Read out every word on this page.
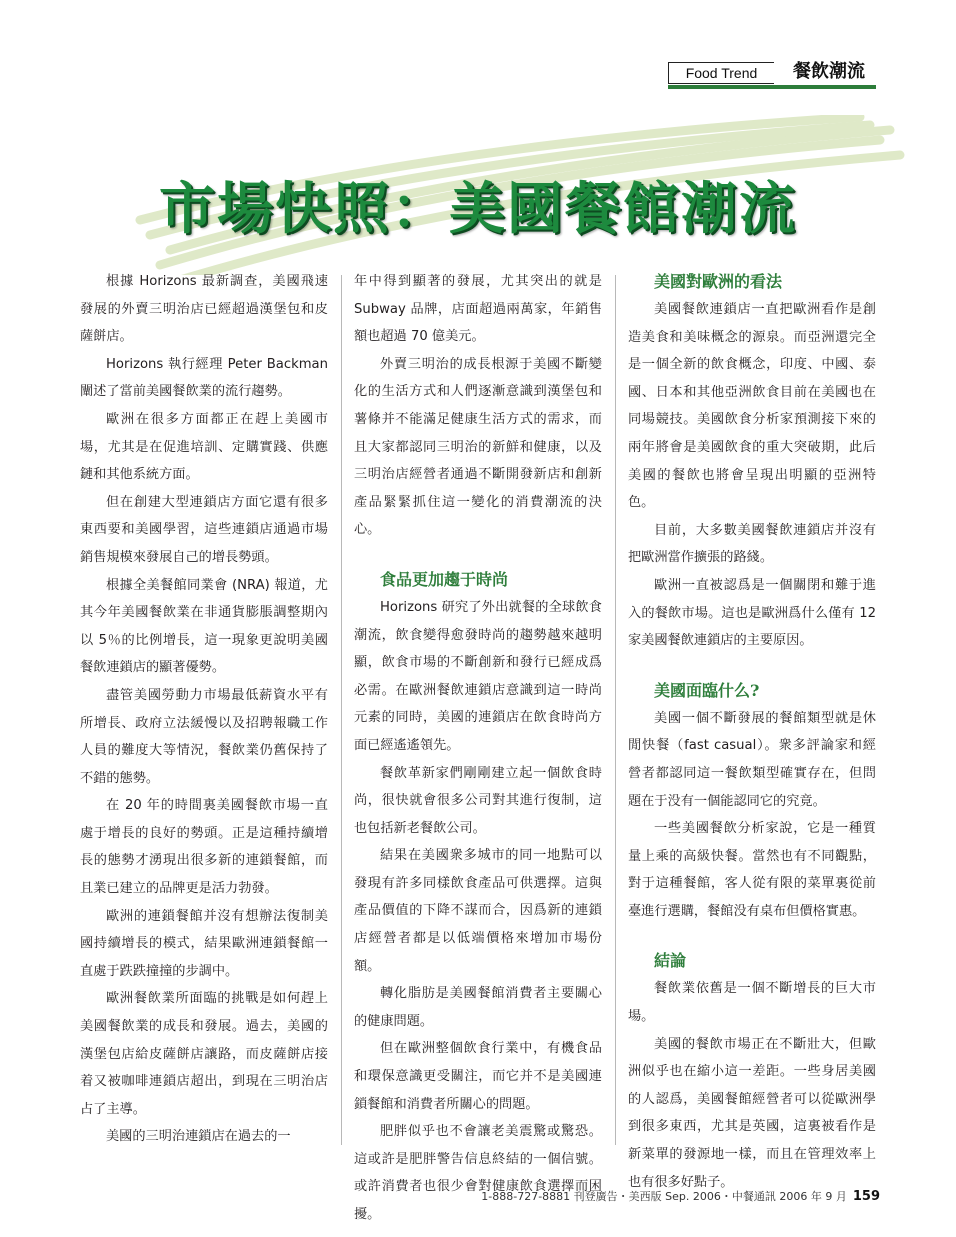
Food Trend	餐飲潮流
市場快照：美國餐館潮流

根據 Horizons 最新調查，美國飛速發展的外賣三明治店已經超過漢堡包和皮薩餅店。

Horizons 執行經理 Peter Backman 闡述了當前美國餐飲業的流行趨勢。

歐洲在很多方面都正在趕上美國市場，尤其是在促進培訓、定購實踐、供應鏈和其他系統方面。

但在創建大型連鎖店方面它還有很多東西要和美國學習，這些連鎖店通過市場銷售規模來發展自己的增長勢頭。

根據全美餐館同業會 (NRA) 報道，尤其今年美國餐飲業在非通貨膨脹調整期內以 5％的比例增長，這一現象更說明美國餐飲連鎖店的顯著優勢。

盡管美國勞動力市場最低薪資水平有所增長、政府立法緩慢以及招聘報職工作人員的難度大等情況，餐飲業仍舊保持了不錯的態勢。

在 20 年的時間裏美國餐飲市場一直處于增長的良好的勢頭。正是這種持續增長的態勢才湧現出很多新的連鎖餐館，而且業已建立的品牌更是活力勃發。

歐洲的連鎖餐館并沒有想辦法復制美國持續增長的模式，結果歐洲連鎖餐館一直處于跌跌撞撞的步調中。

歐洲餐飲業所面臨的挑戰是如何趕上美國餐飲業的成長和發展。過去，美國的漢堡包店給皮薩餅店讓路，而皮薩餅店接着又被咖啡連鎖店超出，到現在三明治店占了主導。

美國的三明治連鎖店在過去的一

年中得到顯著的發展，尤其突出的就是 Subway 品牌，店面超過兩萬家，年銷售額也超過 70 億美元。

外賣三明治的成長根源于美國不斷變化的生活方式和人們逐漸意識到漢堡包和薯條并不能滿足健康生活方式的需求，而且大家都認同三明治的新鮮和健康，以及三明治店經營者通過不斷開發新店和創新產品緊緊抓住這一變化的消費潮流的決心。

食品更加趨于時尚

Horizons 研究了外出就餐的全球飲食潮流，飲食變得愈發時尚的趨勢越來越明顯，飲食市場的不斷創新和發行已經成爲必需。在歐洲餐飲連鎖店意識到這一時尚元素的同時，美國的連鎖店在飲食時尚方面已經遙遙領先。

餐飲革新家們剛剛建立起一個飲食時尚，很快就會很多公司對其進行復制，這也包括新老餐飲公司。

結果在美國衆多城市的同一地點可以發現有許多同樣飲食產品可供選擇。這與產品價值的下降不謀而合，因爲新的連鎖店經營者都是以低端價格來增加市場份額。

轉化脂肪是美國餐館消費者主要關心的健康問題。

但在歐洲整個飲食行業中，有機食品和環保意識更受關注，而它并不是美國連鎖餐館和消費者所關心的問題。

肥胖似乎也不會讓老美震驚或驚恐。這或許是肥胖警告信息終結的一個信號。或許消費者也很少會對健康飲食選擇而困擾。

美國對歐洲的看法

美國餐飲連鎖店一直把歐洲看作是創造美食和美味概念的源泉。而亞洲還完全是一個全新的飲食概念，印度、中國、泰國、日本和其他亞洲飲食目前在美國也在同場競技。美國飲食分析家預測接下來的兩年將會是美國飲食的重大突破期，此后美國的餐飲也將會呈現出明顯的亞洲特色。

目前，大多數美國餐飲連鎖店并沒有把歐洲當作擴張的路綫。

歐洲一直被認爲是一個關閉和難于進入的餐飲市場。這也是歐洲爲什么僅有 12 家美國餐飲連鎖店的主要原因。

美國面臨什么?

美國一個不斷發展的餐館類型就是休閒快餐（fast casual）。衆多評論家和經營者都認同這一餐飲類型確實存在，但問題在于没有一個能認同它的究竟。

一些美國餐飲分析家說，它是一種質量上乘的高級快餐。當然也有不同觀點，對于這種餐館，客人從有限的菜單裏從前臺進行選購，餐館没有桌布但價格實惠。

結論

餐飲業依舊是一個不斷增長的巨大市場。

美國的餐飲市場正在不斷壯大，但歐洲似乎也在縮小這一差距。一些身居美國的人認爲，美國餐館經營者可以從歐洲學到很多東西，尤其是英國，這裏被看作是新菜單的發源地一樣，而且在管理效率上也有很多好點子。

1-888-727-8881 刊登廣告・美西版 Sep. 2006・中餐通訊 2006 年 9 月 159
